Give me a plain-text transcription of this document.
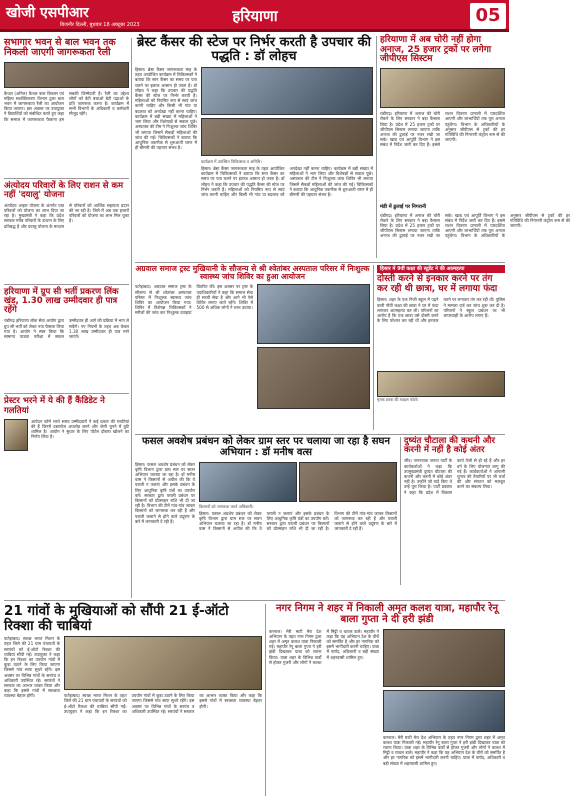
खोजी एसपीआर
बिजनौर दिल्ली, बुधवार 18 अक्टूबर 2023	हरियाणा	05
सभागार भवन से बाल भवन तक निकली जाएगी जागरूकता रैली
कैथल (अनिल) कैथल बाल विकास एवं महिला सशक्तिकरण विभाग द्वारा बाल भवन में जागरूकता रैली का आयोजन किया जाएगा। इस अवसर पर उपायुक्त ने विद्यार्थियों को संबोधित करते हुए कहा कि समाज में जागरूकता फैलाना हम सबकी जिम्मेदारी है। रैली का उद्देश्य लोगों को बेटी बचाओ बेटी पढ़ाओ के प्रति जागरूक करना है। कार्यक्रम में सभी विभागों के अधिकारी व कर्मचारी मौजूद रहेंगे।
अंत्योदय परिवारों के लिए राशन से कम नहीं 'दयालु' योजना
अंत्योदय आहार योजना के अंतर्गत पात्र परिवारों को योजना का लाभ दिया जा रहा है। मुख्यमंत्री ने कहा कि प्रदेश सरकार गरीब परिवारों के उत्थान के लिए प्रतिबद्ध है और दयालु योजना के माध्यम से परिवारों को आर्थिक सहायता प्रदान की जा रही है। जिले में अब तक हजारों परिवारों को योजना का लाभ मिल चुका है।
हरियाणा में ग्रुप सी भर्ती प्रकरण लिंक खंड, 1.30 लाख उम्मीदवार ही पात्र रहेंगे
चंडीगढ़ हरियाणा लोक सेवा आयोग द्वारा ग्रुप सी भर्ती को लेकर नया फैसला लिया गया है। आयोग ने स्पष्ट किया कि सामान्य पात्रता परीक्षा में सफल उम्मीदवार ही आगे की प्रक्रिया में भाग ले सकेंगे। नए नियमों के तहत अब केवल 1.30 लाख उम्मीदवार ही पात्र माने जाएंगे।
प्रेस्टर भरने में ये की हैं कैंडिडेट ने गलतियां
आवेदन फॉर्म भरते समय उम्मीदवारों ने कई प्रकार की गलतियां की हैं जिनमें दस्तावेज अपलोड करने और श्रेणी चुनने में त्रुटि शामिल है। आयोग ने सुधार के लिए पोर्टल दोबारा खोलने का निर्णय लिया है।
ब्रेस्ट कैंसर की स्टेज पर निर्भर करती है उपचार की पद्धति : डॉ लोहच
हिसार। ब्रेस्ट कैंसर जागरूकता माह के तहत आयोजित कार्यक्रम में चिकित्सकों ने बताया कि स्तन कैंसर का समय पर पता चलने पर इलाज आसान हो जाता है। डॉ लोहच ने कहा कि उपचार की पद्धति कैंसर की स्टेज पर निर्भर करती है। महिलाओं को नियमित रूप से स्वयं जांच करनी चाहिए और किसी भी गांठ या बदलाव को अनदेखा नहीं करना चाहिए। कार्यक्रम में बड़ी संख्या में महिलाओं ने भाग लिया और विशेषज्ञों से सवाल पूछे। अस्पताल की टीम ने निःशुल्क जांच शिविर भी लगाया जिसमें सैकड़ों महिलाओं की जांच की गई। चिकित्सकों ने बताया कि आधुनिक तकनीक से शुरुआती चरण में ही बीमारी की पहचान संभव है।
कार्यक्रम में उपस्थित चिकित्सक व अतिथि।
हिसार। ब्रेस्ट कैंसर जागरूकता माह के तहत आयोजित कार्यक्रम में चिकित्सकों ने बताया कि स्तन कैंसर का समय पर पता चलने पर इलाज आसान हो जाता है। डॉ लोहच ने कहा कि उपचार की पद्धति कैंसर की स्टेज पर निर्भर करती है। महिलाओं को नियमित रूप से स्वयं जांच करनी चाहिए और किसी भी गांठ या बदलाव को अनदेखा नहीं करना चाहिए। कार्यक्रम में बड़ी संख्या में महिलाओं ने भाग लिया और विशेषज्ञों से सवाल पूछे। अस्पताल की टीम ने निःशुल्क जांच शिविर भी लगाया जिसमें सैकड़ों महिलाओं की जांच की गई। चिकित्सकों ने बताया कि आधुनिक तकनीक से शुरुआती चरण में ही बीमारी की पहचान संभव है।
हरियाणा में अब चोरी नहीं होगा अनाज, 25 हजार ट्रकों पर लगेगा जीपीएस सिस्टम
चंडीगढ़। हरियाणा में अनाज की चोरी रोकने के लिए सरकार ने बड़ा फैसला लिया है। प्रदेश में 25 हजार ट्रकों पर जीपीएस सिस्टम लगाया जाएगा ताकि अनाज की ढुलाई पर नजर रखी जा सके। खाद्य एवं आपूर्ति विभाग ने इस संबंध में निर्देश जारी कर दिए हैं। इससे राशन वितरण प्रणाली में पारदर्शिता आएगी और लाभार्थियों तक पूरा अनाज पहुंचेगा। विभाग के अधिकारियों के अनुसार जीपीएस से ट्रकों की हर गतिविधि की निगरानी कंट्रोल रूम से की जाएगी।
मंडी में ढुलाई पर निगरानी
चंडीगढ़। हरियाणा में अनाज की चोरी रोकने के लिए सरकार ने बड़ा फैसला लिया है। प्रदेश में 25 हजार ट्रकों पर जीपीएस सिस्टम लगाया जाएगा ताकि अनाज की ढुलाई पर नजर रखी जा सके। खाद्य एवं आपूर्ति विभाग ने इस संबंध में निर्देश जारी कर दिए हैं। इससे राशन वितरण प्रणाली में पारदर्शिता आएगी और लाभार्थियों तक पूरा अनाज पहुंचेगा। विभाग के अधिकारियों के अनुसार जीपीएस से ट्रकों की हर गतिविधि की निगरानी कंट्रोल रूम से की जाएगी।
अग्रवाल समाज ट्रस्ट मुखियानी के सौजन्य से श्री श्वेतांबर अस्पताल परिसर में निःशुल्क स्वास्थ्य जांच शिविर का हुआ आयोजन
फतेहाबाद। अग्रवाल समाज ट्रस्ट के सौजन्य से श्री श्वेतांबर अस्पताल परिसर में निःशुल्क स्वास्थ्य जांच शिविर का आयोजन किया गया। शिविर में विशेषज्ञ चिकित्सकों ने मरीजों की जांच कर निःशुल्क दवाइयां वितरित कीं। इस अवसर पर ट्रस्ट के पदाधिकारियों ने कहा कि समाज सेवा ही सच्ची सेवा है और आगे भी ऐसे शिविर लगाए जाते रहेंगे। शिविर में 500 से अधिक लोगों ने लाभ उठाया।
हिसार में 9वीं कक्षा की स्टूडेंट ने की आत्महत्या
दोस्ती करने से इनकार करने पर तंग कर रही थी छात्रा, घर में लगाया फंदा
हिसार। शहर के एक निजी स्कूल में पढ़ने वाली नौवीं कक्षा की छात्रा ने घर में फंदा लगाकर आत्महत्या कर ली। परिजनों का आरोप है कि एक छात्रा उसे दोस्ती करने के लिए परेशान कर रही थी और इनकार करने पर लगातार तंग कर रही थी। पुलिस ने मामला दर्ज कर जांच शुरू कर दी है। परिजनों ने स्कूल प्रबंधन पर भी लापरवाही के आरोप लगाए हैं।
मृतक छात्रा की फाइल फोटो।
फसल अवशेष प्रबंधन को लेकर ग्राम स्तर पर चलाया जा रहा है सघन अभियान : डॉ मनीष वत्स
हिसार। फसल अवशेष प्रबंधन को लेकर कृषि विभाग द्वारा ग्राम स्तर पर सघन अभियान चलाया जा रहा है। डॉ मनीष वत्स ने किसानों से अपील की कि वे पराली न जलाएं और इसके प्रबंधन के लिए आधुनिक कृषि यंत्रों का उपयोग करें। सरकार द्वारा पराली प्रबंधन पर किसानों को प्रोत्साहन राशि भी दी जा रही है। विभाग की टीमें गांव-गांव जाकर किसानों को जागरूक कर रही हैं और पराली जलाने से होने वाले प्रदूषण के बारे में जानकारी दे रही हैं।
किसानों को जागरूक करते अधिकारी।
हिसार। फसल अवशेष प्रबंधन को लेकर कृषि विभाग द्वारा ग्राम स्तर पर सघन अभियान चलाया जा रहा है। डॉ मनीष वत्स ने किसानों से अपील की कि वे पराली न जलाएं और इसके प्रबंधन के लिए आधुनिक कृषि यंत्रों का उपयोग करें। सरकार द्वारा पराली प्रबंधन पर किसानों को प्रोत्साहन राशि भी दी जा रही है। विभाग की टीमें गांव-गांव जाकर किसानों को जागरूक कर रही हैं और पराली जलाने से होने वाले प्रदूषण के बारे में जानकारी दे रही हैं।
दुष्यंत चौटाला की कथनी और करनी में नहीं है कोई अंतर
जींद। जननायक जनता पार्टी के कार्यकर्ताओं ने कहा कि उपमुख्यमंत्री दुष्यंत चौटाला की कथनी और करनी में कोई अंतर नहीं है। उन्होंने जो वादे किए थे उन्हें पूरा किया है। पार्टी प्रवक्ता ने कहा कि प्रदेश में विकास कार्य तेजी से हो रहे हैं और हर वर्ग के लिए योजनाएं लागू की गई हैं। कार्यकर्ताओं ने आगामी चुनाव की तैयारियों पर भी चर्चा की और संगठन को मजबूत करने का संकल्प लिया।
21 गांवों के मुखियाओं को सौंपी 21 ई-ऑटो रिक्शा की चाबियां
फतेहाबाद। स्वच्छ भारत मिशन के तहत जिले की 21 ग्राम पंचायतों के सरपंचों को ई-ऑटो रिक्शा की चाबियां सौंपी गईं। उपायुक्त ने कहा कि इन रिक्शा का उपयोग गांवों में कूड़ा उठाने के लिए किया जाएगा जिससे गांव साफ सुथरे रहेंगे। इस अवसर पर विभिन्न गांवों के सरपंच व अधिकारी उपस्थित रहे। सरपंचों ने सरकार का आभार व्यक्त किया और कहा कि इससे गांवों में स्वच्छता व्यवस्था बेहतर होगी।	फतेहाबाद। स्वच्छ भारत मिशन के तहत जिले की 21 ग्राम पंचायतों के सरपंचों को ई-ऑटो रिक्शा की चाबियां सौंपी गईं। उपायुक्त ने कहा कि इन रिक्शा का उपयोग गांवों में कूड़ा उठाने के लिए किया जाएगा जिससे गांव साफ सुथरे रहेंगे। इस अवसर पर विभिन्न गांवों के सरपंच व अधिकारी उपस्थित रहे। सरपंचों ने सरकार का आभार व्यक्त किया और कहा कि इससे गांवों में स्वच्छता व्यवस्था बेहतर होगी।
नगर निगम ने शहर में निकाली अमृत कलश यात्रा, महापौर रेनू बाला गुप्ता ने दी हरी झंडी
करनाल। मेरी माटी मेरा देश अभियान के तहत नगर निगम द्वारा शहर में अमृत कलश यात्रा निकाली गई। महापौर रेनू बाला गुप्ता ने हरी झंडी दिखाकर यात्रा को रवाना किया। यात्रा शहर के विभिन्न वार्डों से होकर गुजरी और लोगों ने कलश में मिट्टी व चावल डाले। महापौर ने कहा कि यह अभियान देश के वीरों को समर्पित है और हर नागरिक को इसमें भागीदारी करनी चाहिए। यात्रा में पार्षद, अधिकारी व बड़ी संख्या में शहरवासी शामिल हुए।
करनाल। मेरी माटी मेरा देश अभियान के तहत नगर निगम द्वारा शहर में अमृत कलश यात्रा निकाली गई। महापौर रेनू बाला गुप्ता ने हरी झंडी दिखाकर यात्रा को रवाना किया। यात्रा शहर के विभिन्न वार्डों से होकर गुजरी और लोगों ने कलश में मिट्टी व चावल डाले। महापौर ने कहा कि यह अभियान देश के वीरों को समर्पित है और हर नागरिक को इसमें भागीदारी करनी चाहिए। यात्रा में पार्षद, अधिकारी व बड़ी संख्या में शहरवासी शामिल हुए।
